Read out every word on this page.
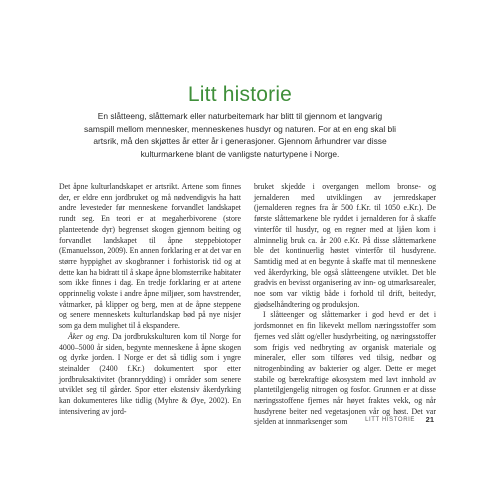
Litt historie

En slåtteeng, slåttemark eller naturbeitemark har blitt til gjennom et langvarig samspill mellom mennesker, menneskenes husdyr og naturen. For at en eng skal bli artsrik, må den skjøttes år etter år i generasjoner. Gjennom århundrer var disse kulturmarkene blant de vanligste naturtypene i Norge.

Det åpne kulturlandskapet er artsrikt. Artene som finnes der, er eldre enn jordbruket og må nødvendigvis ha hatt andre levesteder før menneskene forvandlet landskapet rundt seg. En teori er at megaherbivorene (store planteetende dyr) begrenset skogen gjennom beiting og forvandlet landskapet til åpne steppebiotoper (Emanuelsson, 2009). En annen forklaring er at det var en større hyppighet av skogbranner i forhistorisk tid og at dette kan ha bidratt til å skape åpne blomsterrike habitater som ikke finnes i dag. En tredje forklaring er at artene opprinnelig vokste i andre åpne miljøer, som havstrender, våtmarker, på klipper og berg, men at de åpne steppene og senere menneskets kulturlandskap bød på nye nisjer som ga dem mulighet til å ekspandere.

Åker og eng. Da jordbrukskulturen kom til Norge for 4000–5000 år siden, begynte menneskene å åpne skogen og dyrke jorden. I Norge er det så tidlig som i yngre steinalder (2400 f.Kr.) dokumentert spor etter jordbruksaktivitet (brannrydding) i områder som senere utviklet seg til gårder. Spor etter ekstensiv åkerdyrking kan dokumenteres like tidlig (Myhre & Øye, 2002). En intensivering av jord-

bruket skjedde i overgangen mellom bronse- og jernalderen med utviklingen av jernredskaper (jernalderen regnes fra år 500 f.Kr. til 1050 e.Kr.). De første slåttemarkene ble ryddet i jernalderen for å skaffe vinterfôr til husdyr, og en regner med at ljåen kom i alminnelig bruk ca. år 200 e.Kr. På disse slåttemarkene ble det kontinuerlig høstet vinterfôr til husdyrene. Samtidig med at en begynte å skaffe mat til menneskene ved åkerdyrking, ble også slåtteengene utviklet. Det ble gradvis en bevisst organisering av inn- og utmarksarealer, noe som var viktig både i forhold til drift, beitedyr, gjødselhåndtering og produksjon.

I slåtteenger og slåttemarker i god hevd er det i jordsmonnet en fin likevekt mellom næringsstoffer som fjernes ved slått og/eller husdyrbeiting, og næringsstoffer som frigis ved nedbryting av organisk materiale og mineraler, eller som tilføres ved tilsig, nedbør og nitrogenbinding av bakterier og alger. Dette er meget stabile og bærekraftige økosystem med lavt innhold av plantetilgjengelig nitrogen og fosfor. Grunnen er at disse næringsstoffene fjernes når høyet fraktes vekk, og når husdyrene beiter ned vegetasjonen vår og høst. Det var sjelden at innmarksenger som	LITT HISTORIE 21
